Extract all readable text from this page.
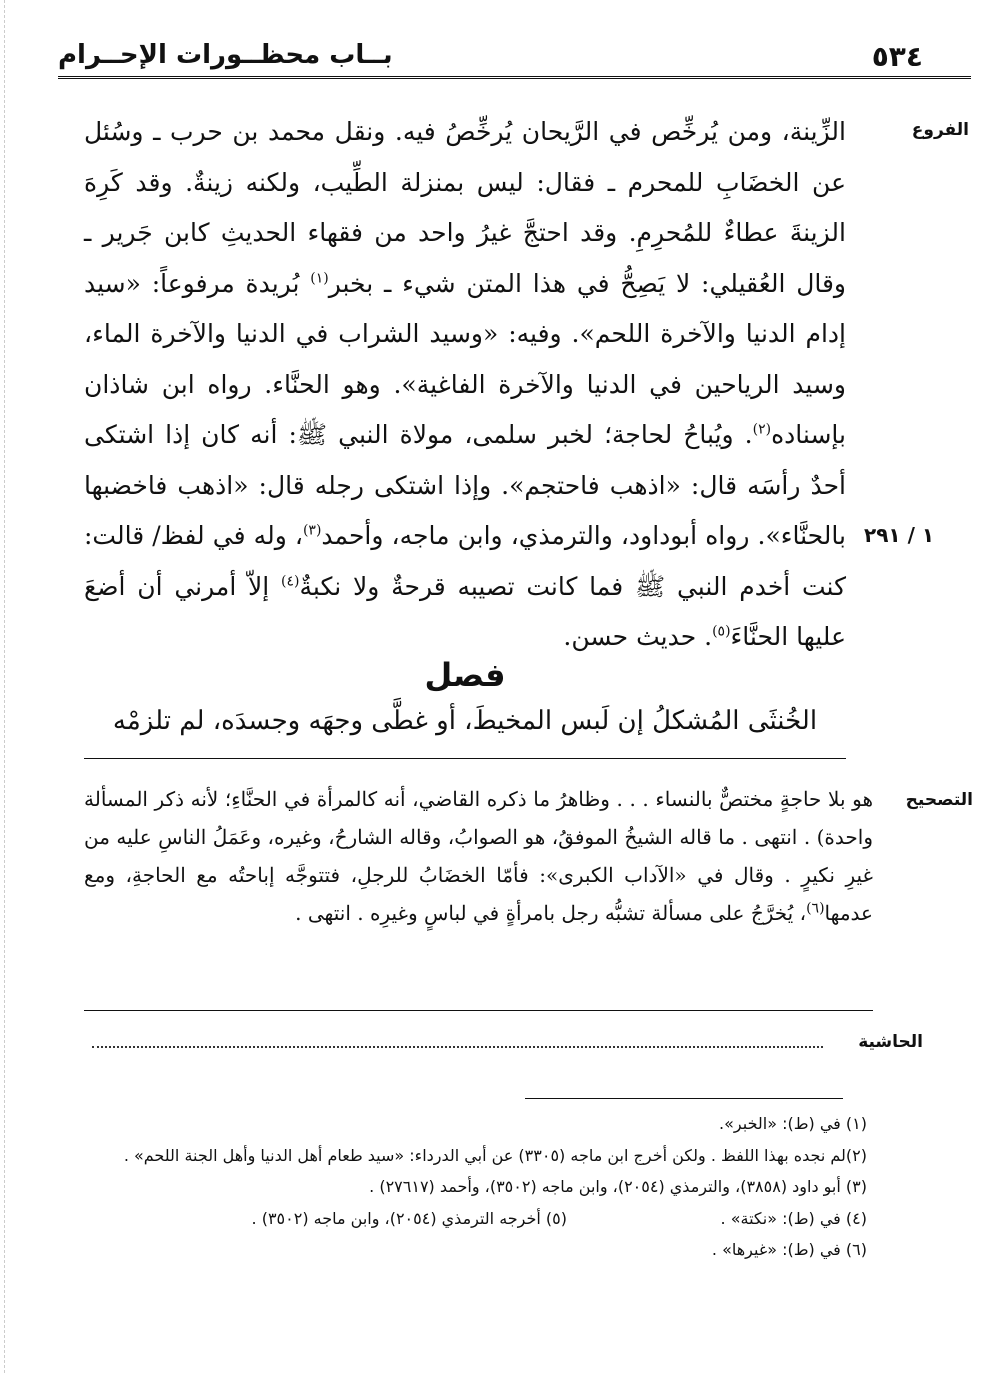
٥٣٤
بــاب محظــورات الإحــرام
الفروع
التصحيح
الحاشية
١ / ٢٩١

الزِّينة، ومن يُرخِّص في الرَّيحان يُرخِّصُ فيه. ونقل محمد بن حرب ـ وسُئل عن الخضَابِ للمحرم ـ فقال: ليس بمنزلة الطِّيب، ولكنه زينةٌ. وقد كَرِهَ الزينةَ عطاءٌ للمُحرِمِ. وقد احتجَّ غيرُ واحد من فقهاء الحديثِ كابن جَرير ـ وقال العُقيلي: لا يَصِحُّ في هذا المتن شيء ـ بخبر$^{(١)}$ بُريدة مرفوعاً: «سيد إدام الدنيا والآخرة اللحم». وفيه: «وسيد الشراب في الدنيا والآخرة الماء، وسيد الرياحين في الدنيا والآخرة الفاغية». وهو الحنَّاء. رواه ابن شاذان بإسناده$^{(٢)}$. ويُباحُ لحاجة؛ لخبر سلمى، مولاة النبي ﷺ: أنه كان إذا اشتكى أحدٌ رأسَه قال: «اذهب فاحتجم». وإذا اشتكى رجله قال: «اذهب فاخضبها بالحنَّاء». رواه أبوداود، والترمذي، وابن ماجه، وأحمد$^{(٣)}$، وله في لفظ/ قالت: كنت أخدم النبي ﷺ فما كانت تصيبه قرحةٌ ولا نكبةٌ$^{(٤)}$ إلاّ أمرني أن أضعَ عليها الحنَّاءَ$^{(٥)}$. حديث حسن.

فصل
الخُنثَى المُشكلُ إن لَبس المخيطَ، أو غطَّى وجهَه وجسدَه، لم تلزمْه

هو بلا حاجةٍ مختصٌّ بالنساء . . . وظاهرُ ما ذكره القاضي، أنه كالمرأة في الحنَّاءِ؛ لأنه ذكر المسألة واحدة) . انتهى . ما قاله الشيخُ الموفقُ، هو الصوابُ، وقاله الشارحُ، وغيره، وعَمَلُ الناسِ عليه من غيرِ نكيرٍ . وقال في «الآداب الكبرى»: فأمّا الخضَابُ للرجلِ، فتتوجَّه إباحتُه مع الحاجةِ، ومع عدمها$^{(٦)}$، يُخرَّجُ على مسألة تشبُّه رجل بامرأةٍ في لباسٍ وغيرِه . انتهى .

(١) في (ط): «الخبر».
(٢)لم نجده بهذا اللفظ . ولكن أخرج ابن ماجه (٣٣٠٥) عن أبي الدرداء: «سيد طعام أهل الدنيا وأهل الجنة اللحم» .
(٣) أبو داود (٣٨٥٨)، والترمذي (٢٠٥٤)، وابن ماجه (٣٥٠٢)، وأحمد (٢٧٦١٧) .
(٤) في (ط): «نكتة» .(٥) أخرجه الترمذي (٢٠٥٤)، وابن ماجه (٣٥٠٢) .
(٦) في (ط): «غيرها» .
